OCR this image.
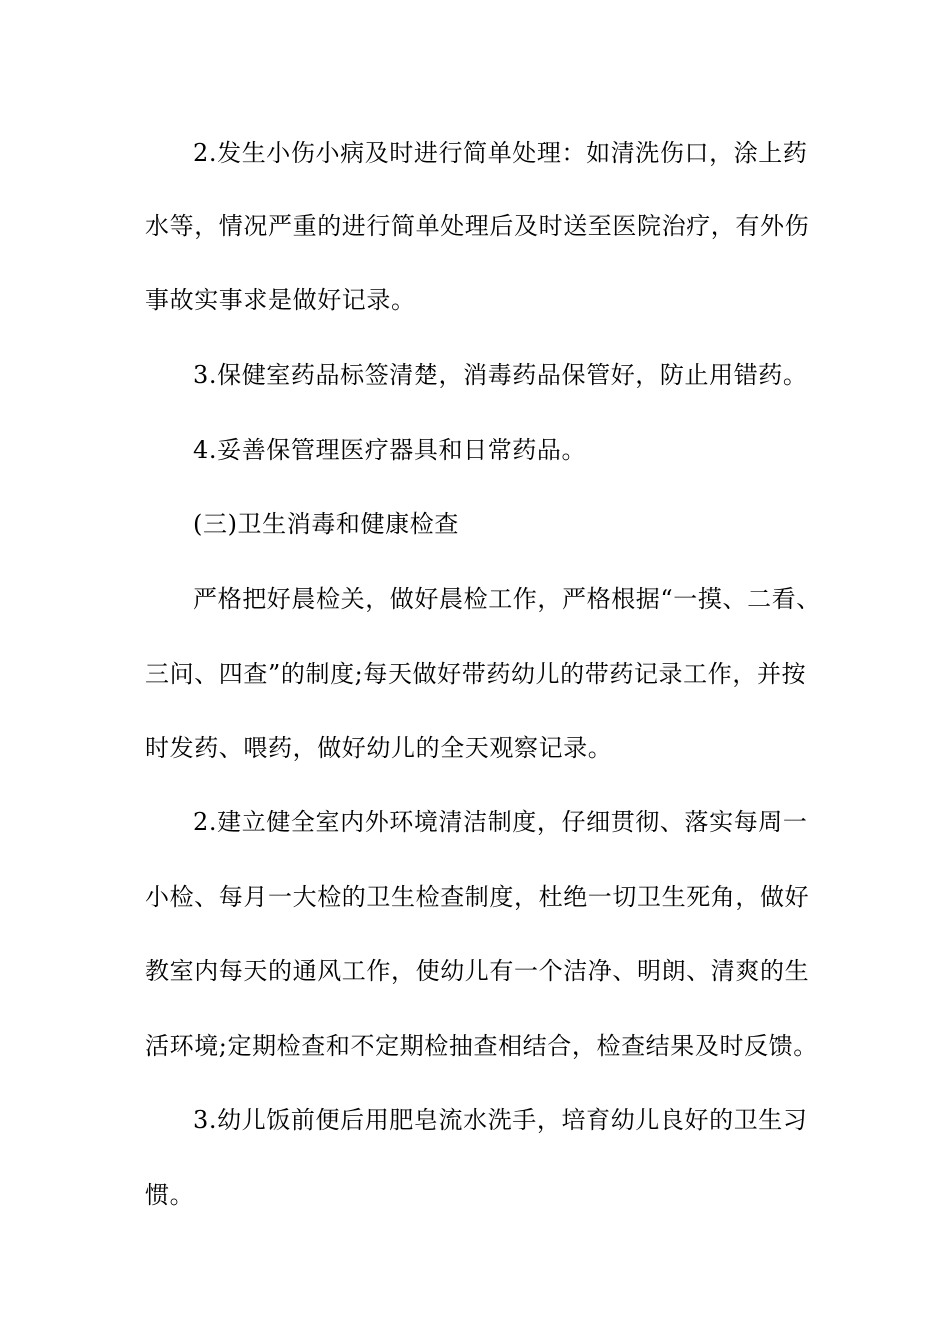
2.发生小伤小病及时进行简单处理：如清洗伤口，涂上药
水等，情况严重的进行简单处理后及时送至医院治疗，有外伤
事故实事求是做好记录。
3.保健室药品标签清楚，消毒药品保管好，防止用错药。
4.妥善保管理医疗器具和日常药品。
(三)卫生消毒和健康检查
严格把好晨检关，做好晨检工作，严格根据“一摸、二看、
三问、四查”的制度;每天做好带药幼儿的带药记录工作，并按
时发药、喂药，做好幼儿的全天观察记录。
2.建立健全室内外环境清洁制度，仔细贯彻、落实每周一
小检、每月一大检的卫生检查制度，杜绝一切卫生死角，做好
教室内每天的通风工作，使幼儿有一个洁净、明朗、清爽的生
活环境;定期检查和不定期检抽查相结合，检查结果及时反馈。
3.幼儿饭前便后用肥皂流水洗手，培育幼儿良好的卫生习
惯。
